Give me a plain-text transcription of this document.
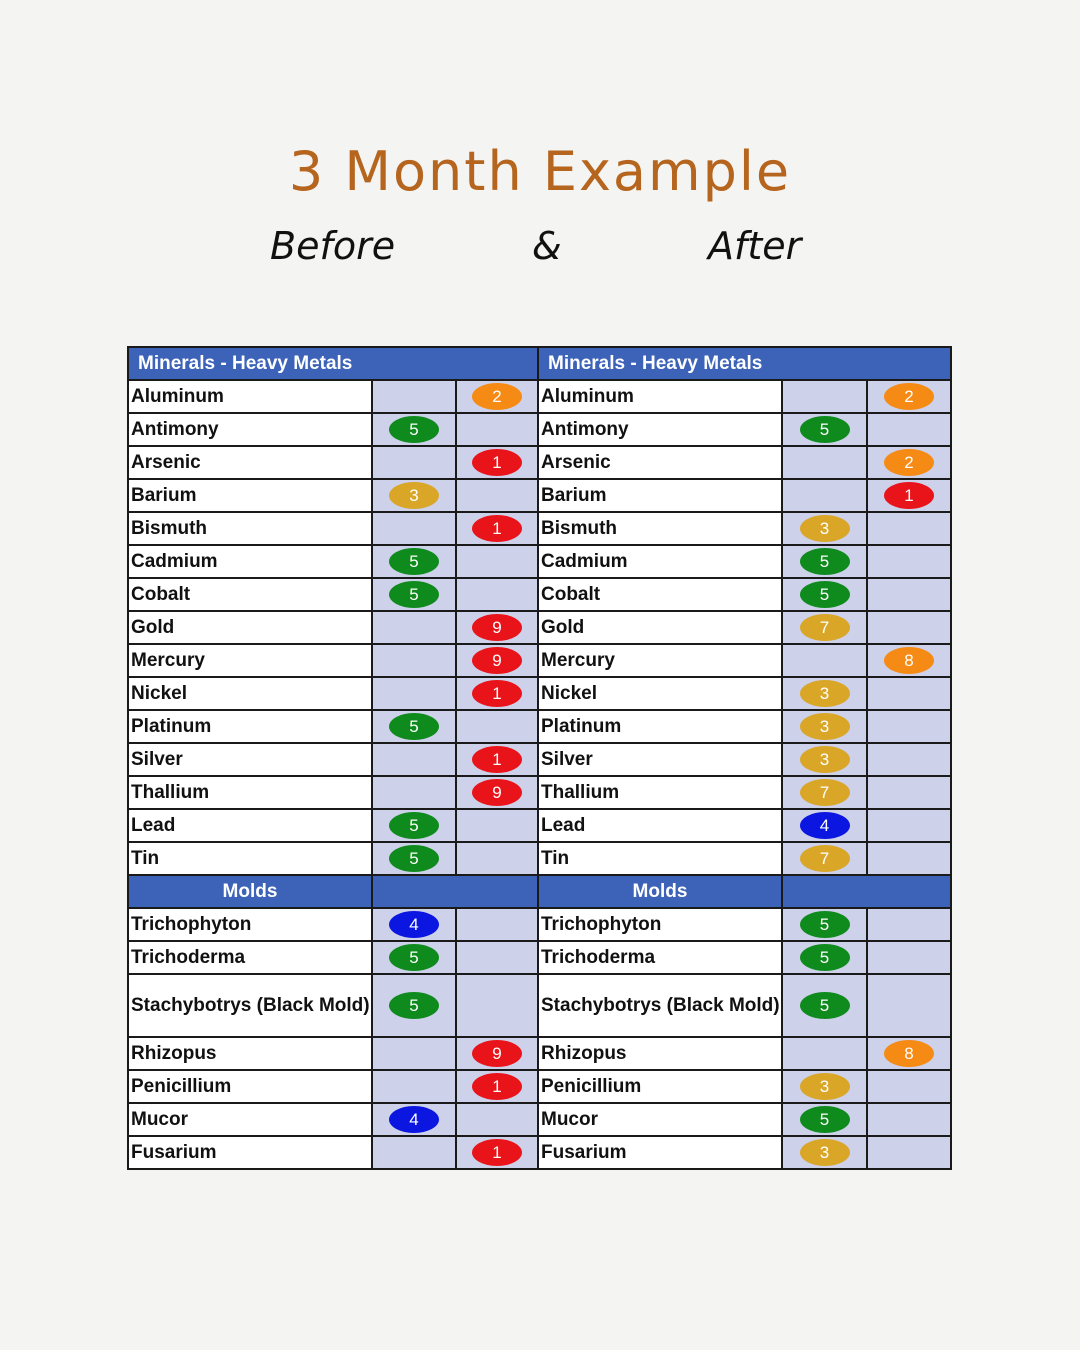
3 Month Example
Before	&	After
Minerals - Heavy Metals		
Aluminum		2
Antimony	5	
Arsenic		1
Barium	3	
Bismuth		1
Cadmium	5	
Cobalt	5	
Gold		9
Mercury		9
Nickel		1
Platinum	5	
Silver		1
Thallium		9
Lead	5	
Tin	5	
Molds		
Trichophyton	4	
Trichoderma	5	
Stachybotrys (Black Mold)	5	
Rhizopus		9
Penicillium		1
Mucor	4	
Fusarium		1
Minerals - Heavy Metals		
Aluminum		2
Antimony	5	
Arsenic		2
Barium		1
Bismuth	3	
Cadmium	5	
Cobalt	5	
Gold	7	
Mercury		8
Nickel	3	
Platinum	3	
Silver	3	
Thallium	7	
Lead	4	
Tin	7	
Molds		
Trichophyton	5	
Trichoderma	5	
Stachybotrys (Black Mold)	5	
Rhizopus		8
Penicillium	3	
Mucor	5	
Fusarium	3	
